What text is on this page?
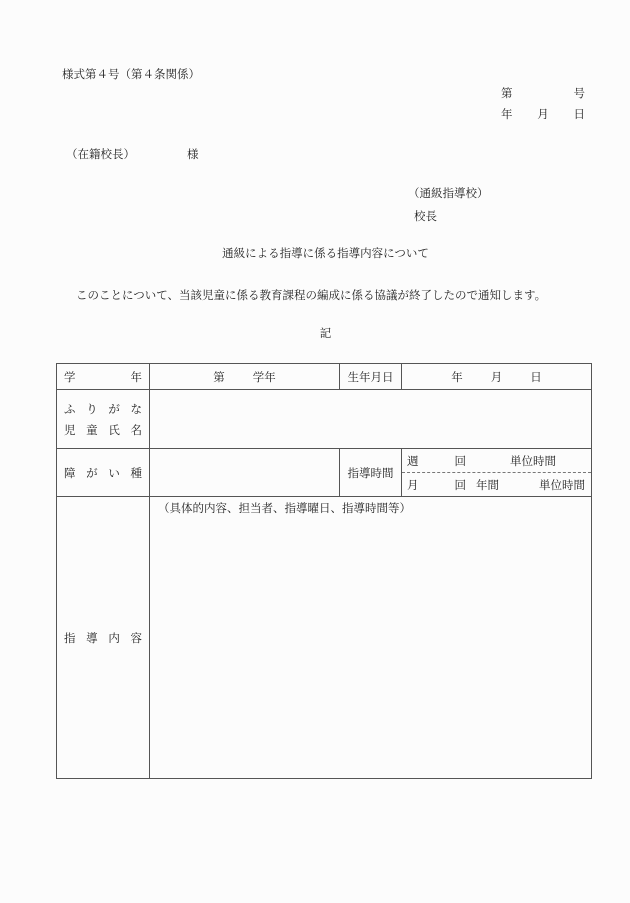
様式第４号（第４条関係）
第	号
年 月 日
（在籍校長）	様
（通級指導校）
校長
通級による指導に係る指導内容について
このことについて、当該児童に係る教育課程の編成に係る協議が終了したので通知します。
記
学 年	第 学年	生年月日	年 月 日

ふ り が な
児 童 氏 名

障 が い 種		指導時間	
週	回	単位時間
月	回 年間	単位時間

指 導 内 容	（具体的内容、担当者、指導曜日、指導時間等）		
